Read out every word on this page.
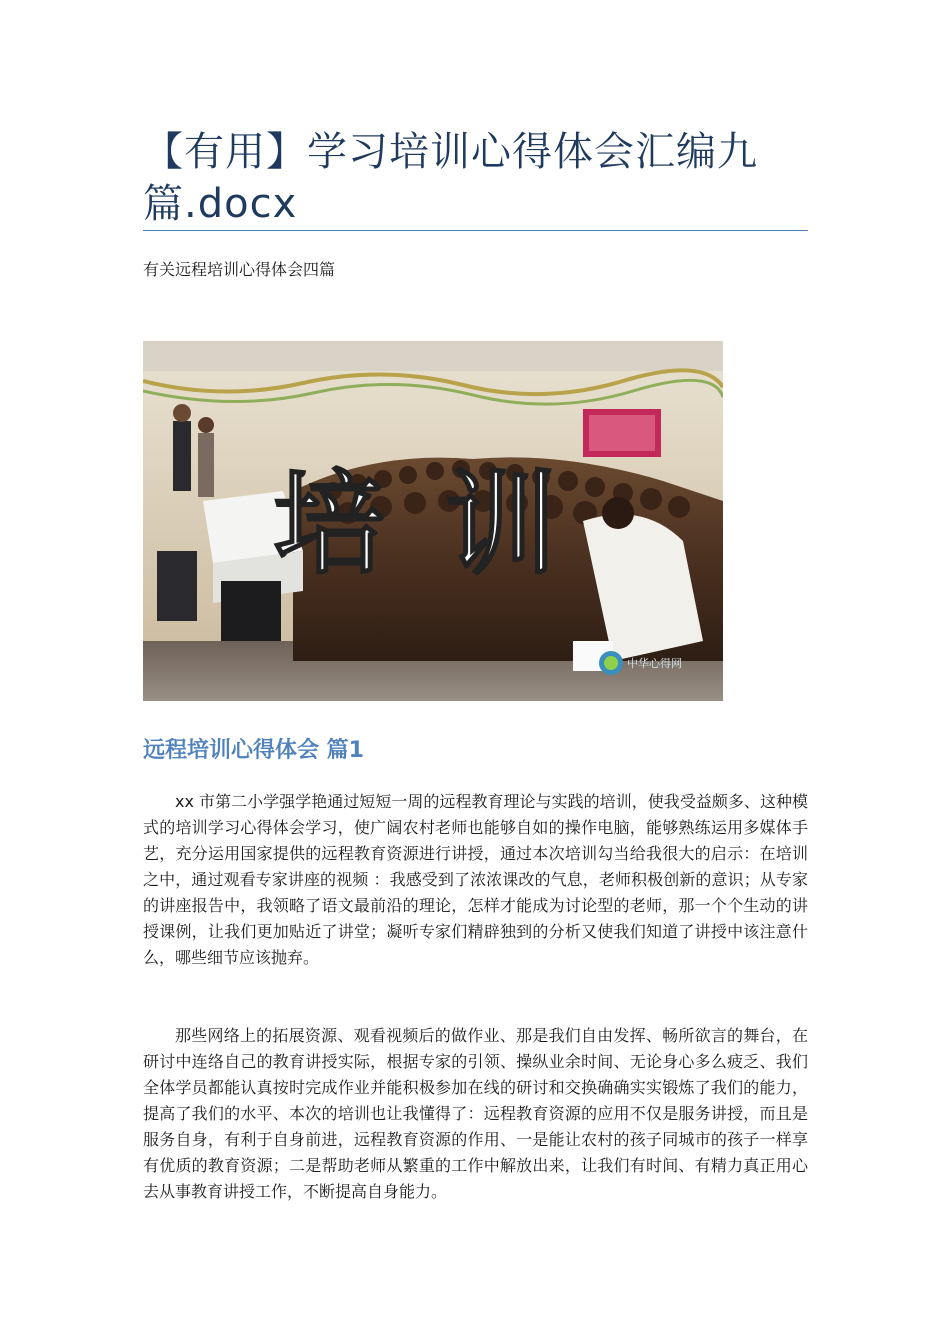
【有用】学习培训心得体会汇编九篇.docx
有关远程培训心得体会四篇
中华心得网
培训
远程培训心得体会 篇1

xx 市第二小学强学艳通过短短一周的远程教育理论与实践的培训，使我受益颇多、这种模式的培训学习心得体会学习，使广阔农村老师也能够自如的操作电脑，能够熟练运用多媒体手艺，充分运用国家提供的远程教育资源进行讲授，通过本次培训勾当给我很大的启示：在培训之中，通过观看专家讲座的视频 ：我感受到了浓浓课改的气息，老师积极创新的意识；从专家的讲座报告中，我领略了语文最前沿的理论，怎样才能成为讨论型的老师，那一个个生动的讲授课例，让我们更加贴近了讲堂；凝听专家们精辟独到的分析又使我们知道了讲授中该注意什么，哪些细节应该抛弃。

那些网络上的拓展资源、观看视频后的做作业、那是我们自由发挥、畅所欲言的舞台，在研讨中连络自己的教育讲授实际，根据专家的引领、操纵业余时间、无论身心多么疲乏、我们全体学员都能认真按时完成作业并能积极参加在线的研讨和交换确确实实锻炼了我们的能力，提高了我们的水平、本次的培训也让我懂得了：远程教育资源的应用不仅是服务讲授，而且是服务自身，有利于自身前进，远程教育资源的作用、一是能让农村的孩子同城市的孩子一样享有优质的教育资源；二是帮助老师从繁重的工作中解放出来，让我们有时间、有精力真正用心去从事教育讲授工作，不断提高自身能力。
